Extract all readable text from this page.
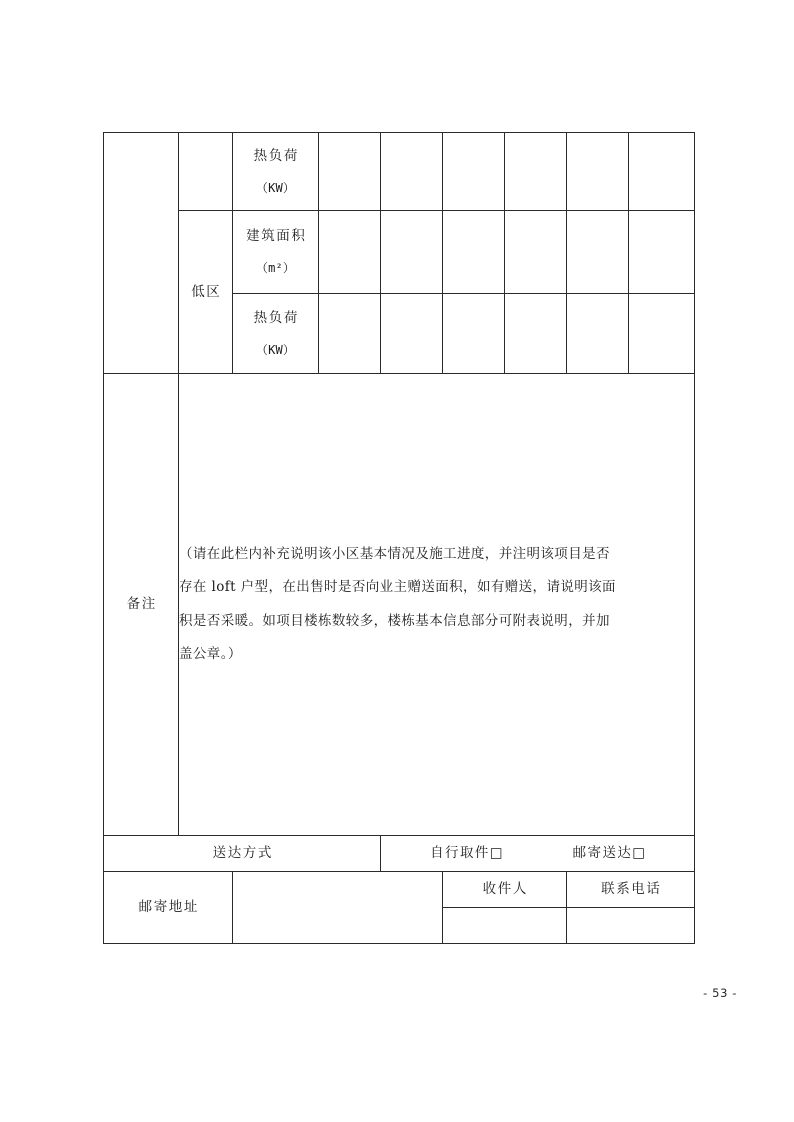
		热负荷
（KW）						

	低区	建筑面积
（m²）						

		热负荷
（KW）						

备注	（请在此栏内补充说明该小区基本情况及施工进度，并注明该项目是否

存在 loft 户型，在出售时是否向业主赠送面积，如有赠送，请说明该面

积是否采暖。如项目楼栋数较多，楼栋基本信息部分可附表说明，并加

盖公章。）							

送达方式				自行取件□ 邮寄送达□				

邮寄地址					收件人		联系电话	

- 53 -
